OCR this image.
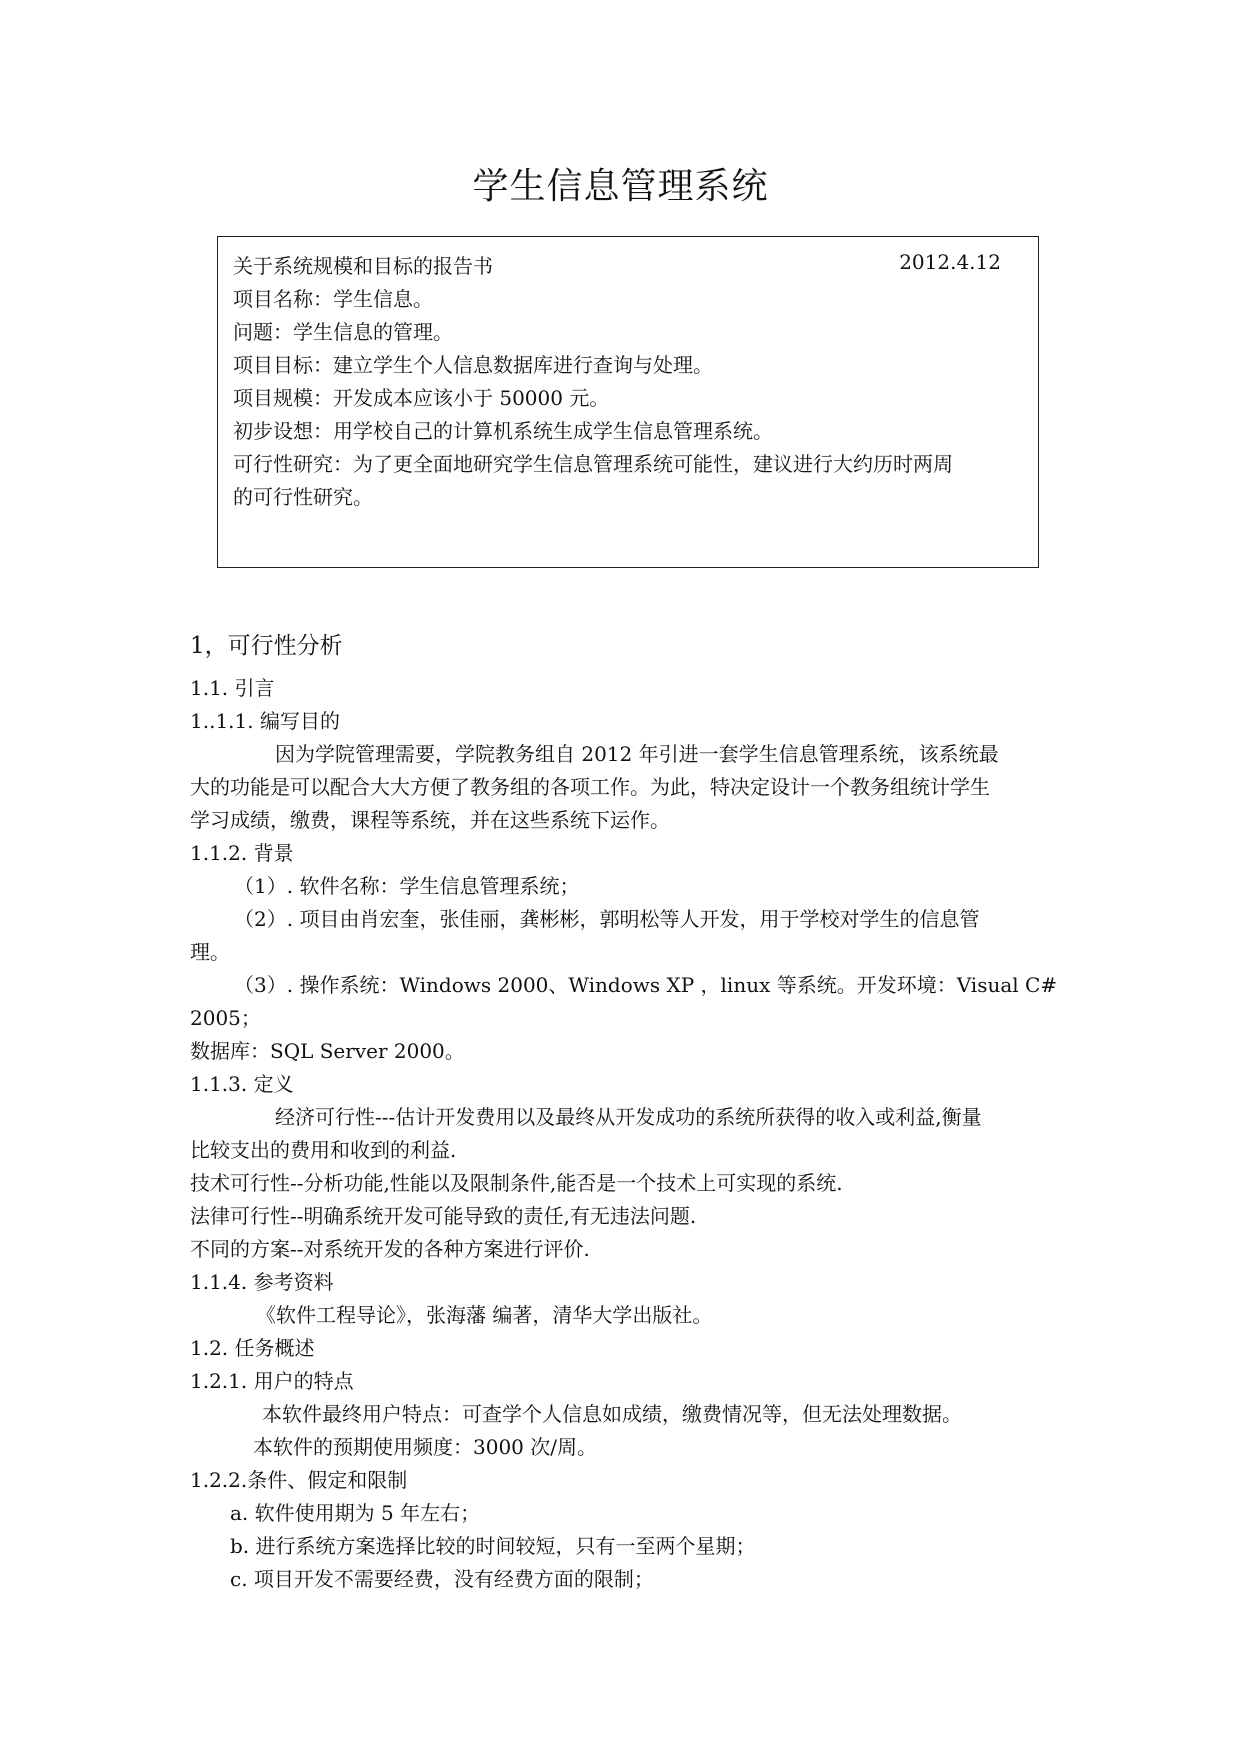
学生信息管理系统
关于系统规模和目标的报告书	2012.4.12
项目名称：学生信息。
问题：学生信息的管理。
项目目标：建立学生个人信息数据库进行查询与处理。
项目规模：开发成本应该小于 50000 元。
初步设想：用学校自己的计算机系统生成学生信息管理系统。
可行性研究：为了更全面地研究学生信息管理系统可能性，建议进行大约历时两周
的可行性研究。
1，可行性分析
1.1. 引言
1..1.1. 编写目的
因为学院管理需要，学院教务组自 2012 年引进一套学生信息管理系统，该系统最
大的功能是可以配合大大方便了教务组的各项工作。为此，特决定设计一个教务组统计学生
学习成绩，缴费，课程等系统，并在这些系统下运作。
1.1.2. 背景
（1）. 软件名称：学生信息管理系统；
（2）. 项目由肖宏奎，张佳丽，龚彬彬，郭明松等人开发，用于学校对学生的信息管
理。
（3）. 操作系统：Windows 2000、Windows XP ，linux 等系统。开发环境：Visual C#
2005；
数据库：SQL Server 2000。
1.1.3. 定义
经济可行性---估计开发费用以及最终从开发成功的系统所获得的收入或利益,衡量
比较支出的费用和收到的利益.
技术可行性--分析功能,性能以及限制条件,能否是一个技术上可实现的系统.
法律可行性--明确系统开发可能导致的责任,有无违法问题.
不同的方案--对系统开发的各种方案进行评价.
1.1.4. 参考资料
《软件工程导论》，张海藩 编著，清华大学出版社。
1.2. 任务概述
1.2.1. 用户的特点
本软件最终用户特点：可查学个人信息如成绩，缴费情况等，但无法处理数据。
本软件的预期使用频度：3000 次/周。
1.2.2.条件、假定和限制
a. 软件使用期为 5 年左右；
b. 进行系统方案选择比较的时间较短，只有一至两个星期；
c. 项目开发不需要经费，没有经费方面的限制；
